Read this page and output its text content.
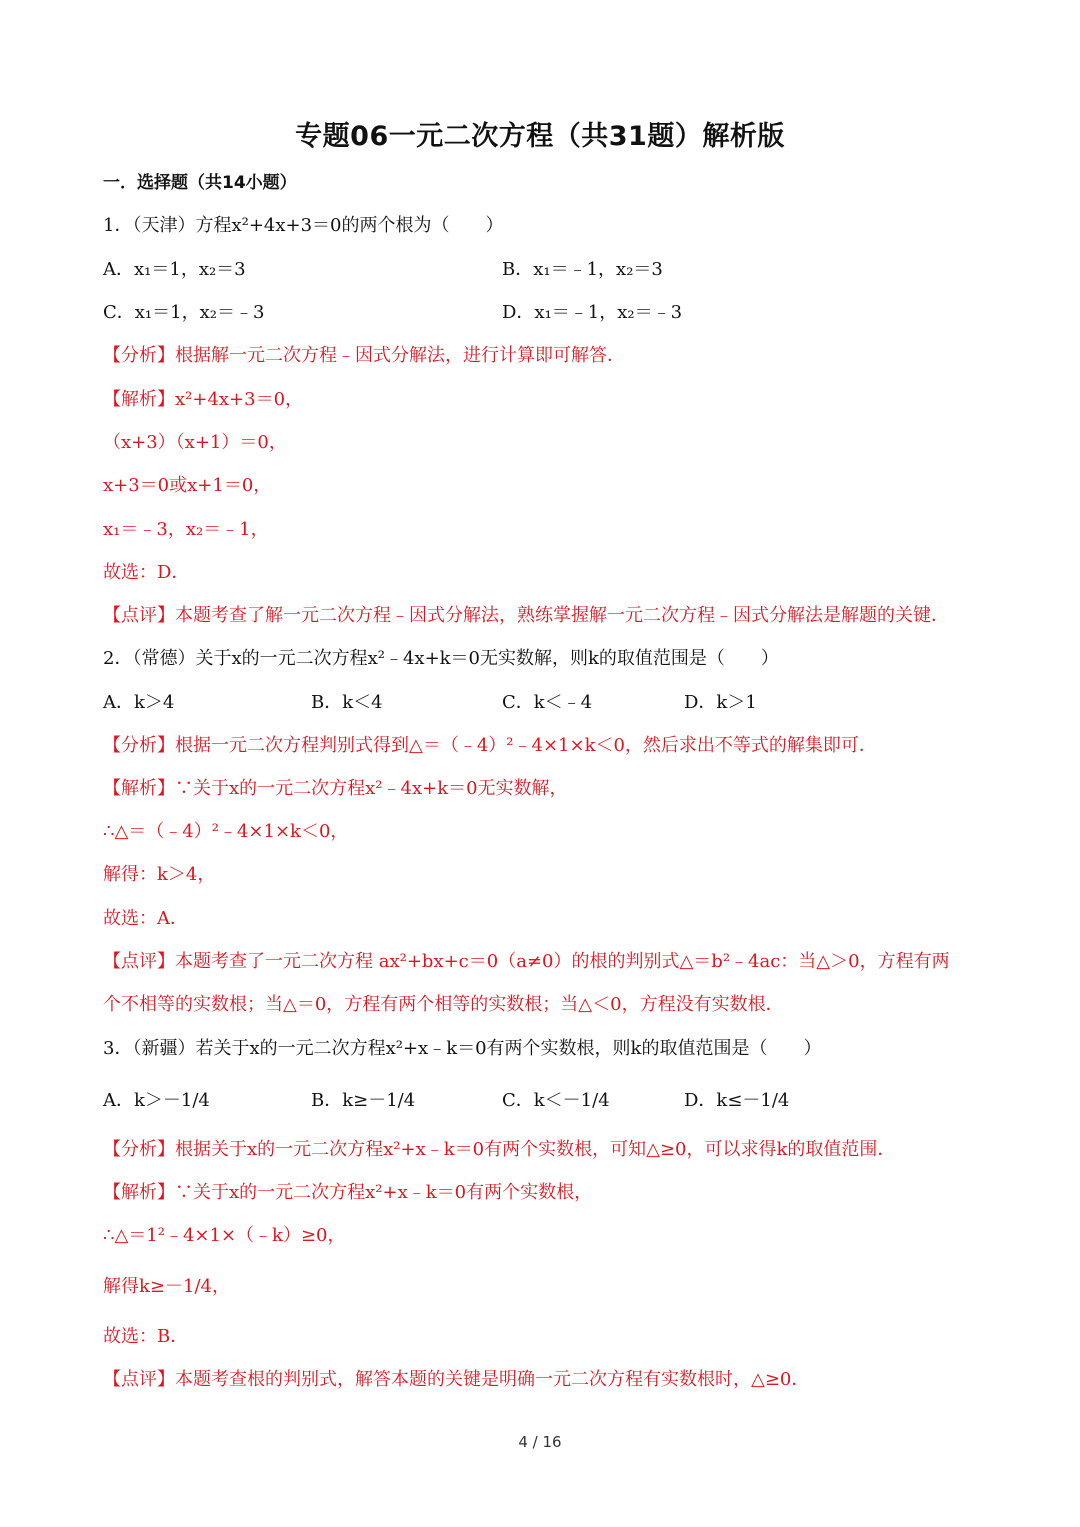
专题06一元二次方程（共31题）解析版
一．选择题（共14小题）
1．（天津）方程x²+4x+3＝0的两个根为（　　）
A．x₁＝1，x₂＝3	B．x₁＝﹣1，x₂＝3
C．x₁＝1，x₂＝﹣3	D．x₁＝﹣1，x₂＝﹣3
【分析】根据解一元二次方程﹣因式分解法，进行计算即可解答．
【解析】x²+4x+3＝0，
（x+3）（x+1）＝0，
x+3＝0或x+1＝0，
x₁＝﹣3，x₂＝﹣1，
故选：D．
【点评】本题考查了解一元二次方程﹣因式分解法，熟练掌握解一元二次方程﹣因式分解法是解题的关键．
2．（常德）关于x的一元二次方程x²﹣4x+k＝0无实数解，则k的取值范围是（　　）
A．k＞4	B．k＜4	C．k＜﹣4	D．k＞1
【分析】根据一元二次方程判别式得到△＝（﹣4）²﹣4×1×k＜0，然后求出不等式的解集即可．
【解析】∵关于x的一元二次方程x²﹣4x+k＝0无实数解，
∴△＝（﹣4）²﹣4×1×k＜0，
解得：k＞4，
故选：A．
【点评】本题考查了一元二次方程 ax²+bx+c＝0（a≠0）的根的判别式△＝b²﹣4ac：当△＞0，方程有两
个不相等的实数根；当△＝0，方程有两个相等的实数根；当△＜0，方程没有实数根．
3．（新疆）若关于x的一元二次方程x²+x﹣k＝0有两个实数根，则k的取值范围是（　　）
A．k＞－1/4	B．k≥－1/4	C．k＜－1/4	D．k≤－1/4
【分析】根据关于x的一元二次方程x²+x﹣k＝0有两个实数根，可知△≥0，可以求得k的取值范围．
【解析】∵关于x的一元二次方程x²+x﹣k＝0有两个实数根，
∴△＝1²﹣4×1×（﹣k）≥0，
解得k≥－1/4，
故选：B．
【点评】本题考查根的判别式，解答本题的关键是明确一元二次方程有实数根时，△≥0．
4 / 16
